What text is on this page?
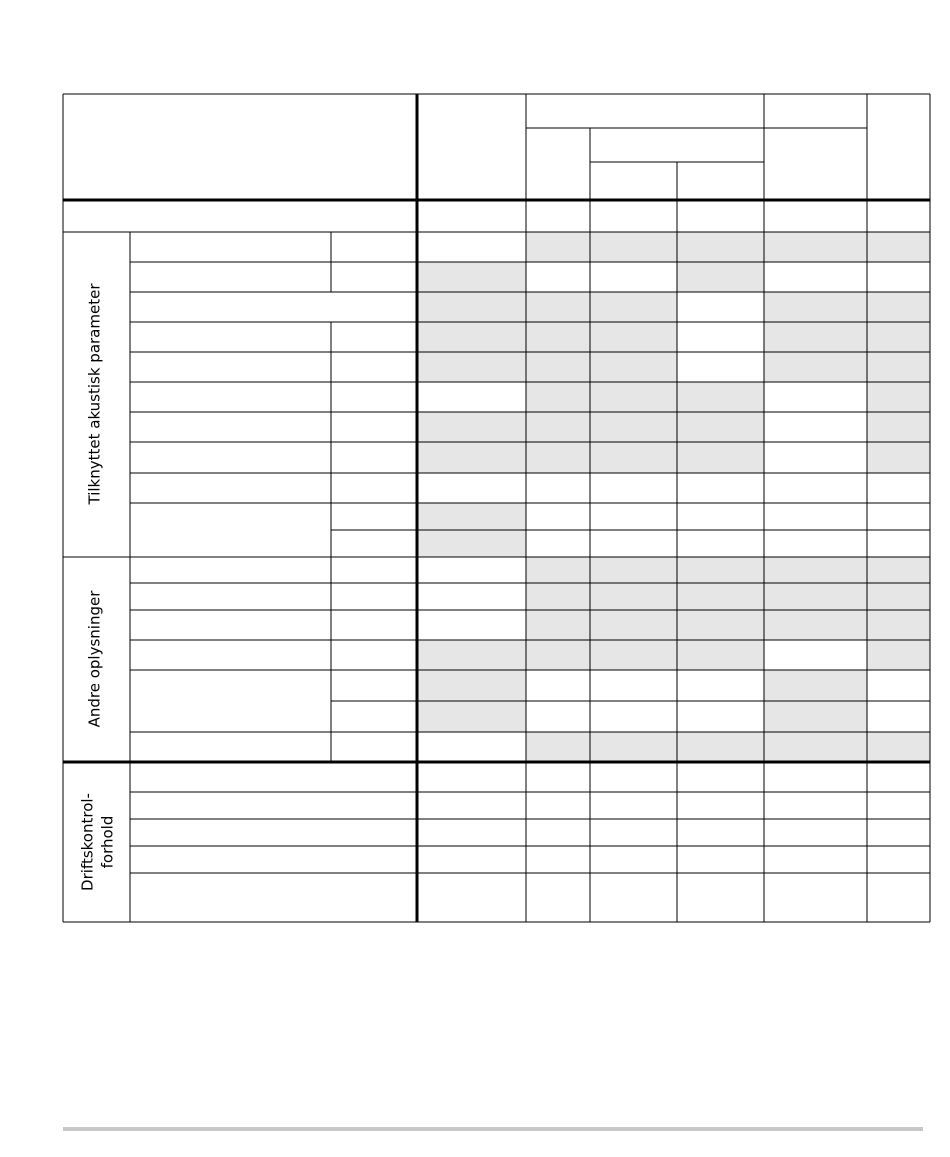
Tilknyttet akustisk parameter
Andre oplysninger
Driftskontrol- forhold
